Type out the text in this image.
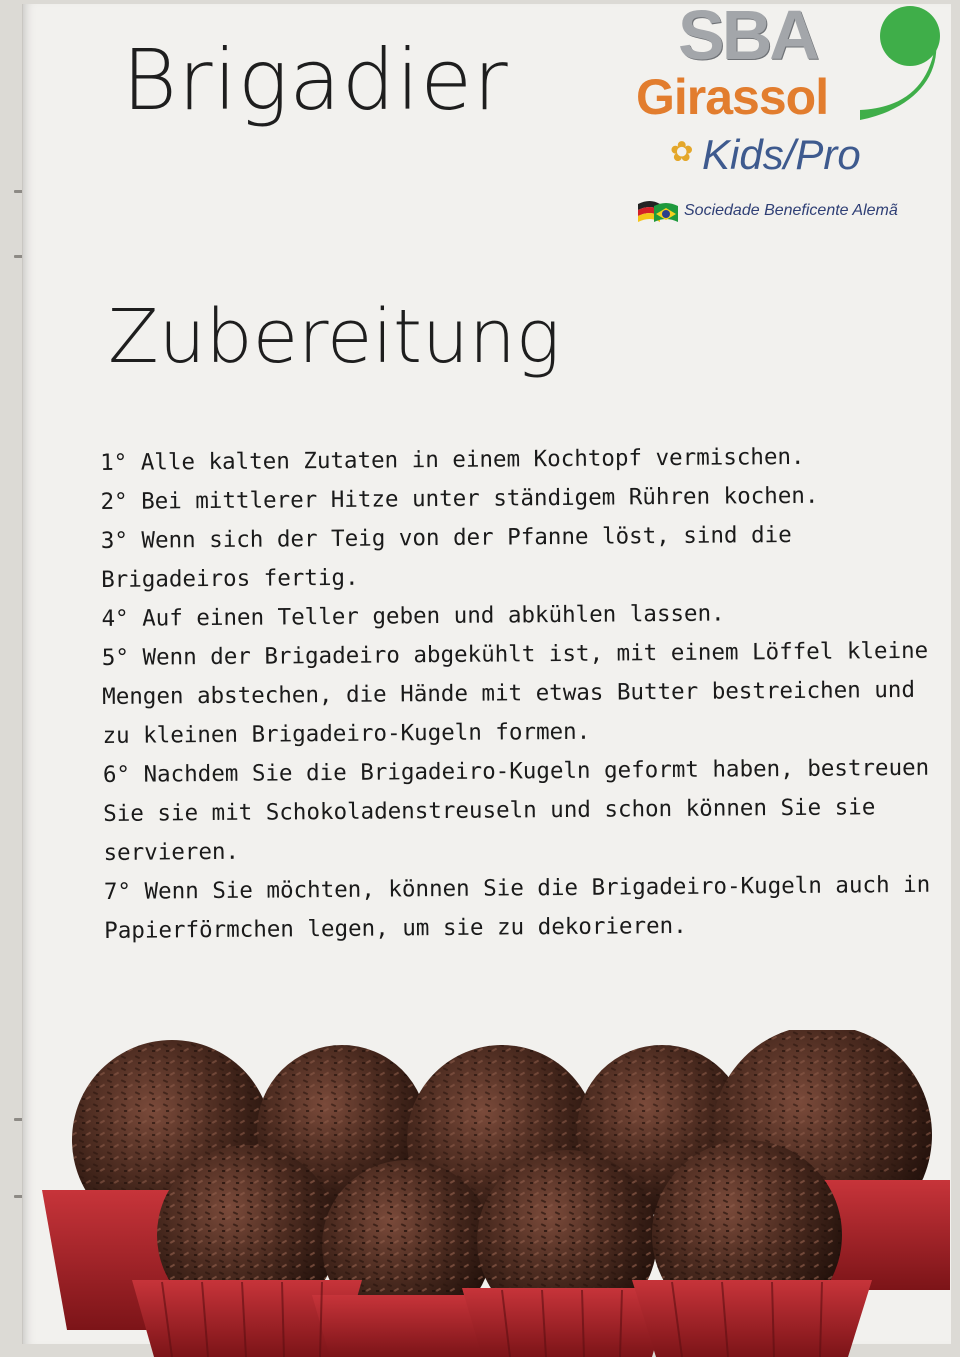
Brigadier SBA
Girassol
✿ Kids/Pro
Sociedade Beneficente Alemã
Zubereitung

1° Alle kalten Zutaten in einem Kochtopf vermischen.

2° Bei mittlerer Hitze unter ständigem Rühren kochen.

3° Wenn sich der Teig von der Pfanne löst, sind die Brigadeiros fertig.

4° Auf einen Teller geben und abkühlen lassen.

5° Wenn der Brigadeiro abgekühlt ist, mit einem Löffel kleine Mengen abstechen, die Hände mit etwas Butter bestreichen und zu kleinen Brigadeiro-Kugeln formen.

6° Nachdem Sie die Brigadeiro-Kugeln geformt haben, bestreuen Sie sie mit Schokoladenstreuseln und schon können Sie sie servieren.

7° Wenn Sie möchten, können Sie die Brigadeiro-Kugeln auch in Papierförmchen legen, um sie zu dekorieren.
